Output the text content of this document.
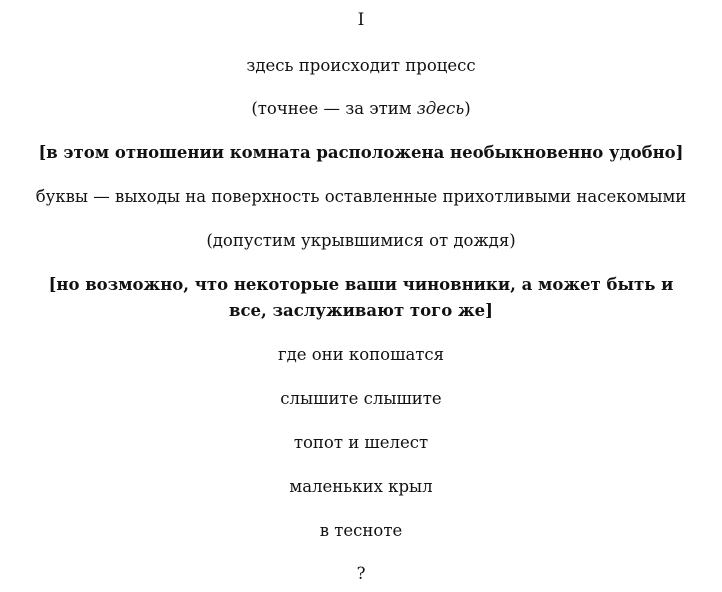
I
здесь происходит процесс
(точнее — за этим здесь)
[в этом отношении комната расположена необыкновенно удобно]
буквы — выходы на поверхность оставленные прихотливыми насекомыми
(допустим укрывшимися от дождя)
[но возможно, что некоторые ваши чиновники, а может быть и все, заслуживают того же]
где они копошатся
слышите слышите
топот и шелест
маленьких крыл
в тесноте
?
